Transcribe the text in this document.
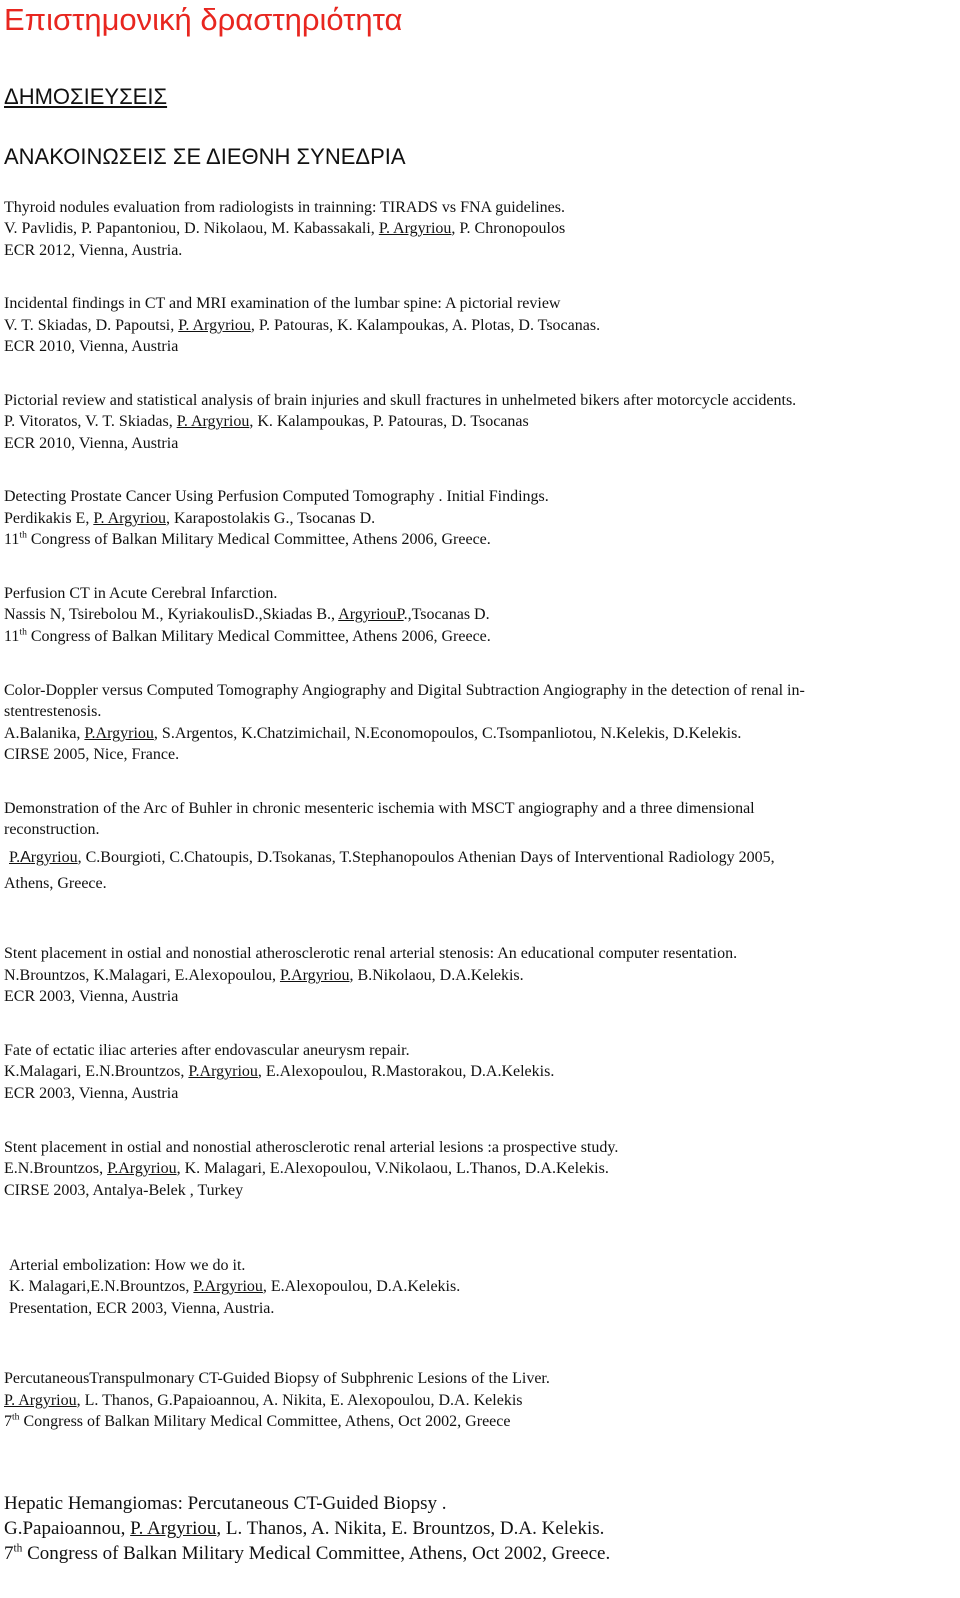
Επιστημονική δραστηριότητα
ΔΗΜΟΣΙΕΥΣΕΙΣ
ΑΝΑΚΟΙΝΩΣΕΙΣ ΣΕ ΔΙΕΘΝΗ ΣΥΝΕΔΡΙΑ
Thyroid nodules evaluation from radiologists in trainning: TIRADS vs FNA guidelines.
V. Pavlidis, P. Papantoniou, D. Nikolaou, M. Kabassakali, P. Argyriou, P. Chronopoulos
ECR 2012, Vienna, Austria.
Incidental findings in CT and MRI examination of the lumbar spine: A pictorial review
V. T. Skiadas, D. Papoutsi, P. Argyriou, P. Patouras, K. Kalampoukas, A. Plotas, D. Tsocanas.
ECR 2010, Vienna, Austria
Pictorial review and statistical analysis of brain injuries and skull fractures in unhelmeted bikers after motorcycle accidents.
P. Vitoratos, V. T. Skiadas, P. Argyriou, K. Kalampoukas, P. Patouras, D. Tsocanas
ECR 2010, Vienna, Austria
Detecting Prostate Cancer Using Perfusion Computed Tomography . Initial Findings.
Perdikakis E, P. Argyriou, Karapostolakis G., Tsocanas D.
11th Congress of Balkan Military Medical Committee, Athens 2006, Greece.
Perfusion CT in Acute Cerebral Infarction.
Nassis N, Tsirebolou M., KyriakoulisD.,Skiadas B., ArgyriouP.,Tsocanas D.
11th Congress of Balkan Military Medical Committee, Athens 2006, Greece.
Color-Doppler versus Computed Tomography Angiography and Digital Subtraction Angiography in the detection of renal in-
stentrestenosis.
A.Balanika, P.Argyriou, S.Argentos, K.Chatzimichail, N.Economopoulos, C.Tsompanliotou, N.Kelekis, D.Kelekis.
CIRSE 2005, Nice, France.
Demonstration of the Arc of Buhler in chronic mesenteric ischemia with MSCT angiography and a three dimensional
reconstruction.
P.Argyriou, C.Bourgioti, C.Chatoupis, D.Tsokanas, T.Stephanopoulos Athenian Days of Interventional Radiology 2005,
Athens, Greece.
Stent placement in ostial and nonostial atherosclerotic renal arterial stenosis: An educational computer resentation.
N.Brountzos, K.Malagari, E.Alexopoulou, P.Argyriou, B.Nikolaou, D.A.Kelekis.
ECR 2003, Vienna, Austria
Fate of ectatic iliac arteries after endovascular aneurysm repair.
K.Malagari, E.N.Brountzos, P.Argyriou, E.Alexopoulou, R.Mastorakou, D.A.Kelekis.
ECR 2003, Vienna, Austria
Stent placement in ostial and nonostial atherosclerotic renal arterial lesions :a prospective study.
E.N.Brountzos, P.Argyriou, K. Malagari, E.Alexopoulou, V.Nikolaou, L.Thanos, D.A.Kelekis.
CIRSE 2003, Antalya-Belek , Turkey
Arterial embolization: How we do it.
K. Malagari,E.N.Brountzos, P.Argyriou, E.Alexopoulou, D.A.Kelekis.
Presentation, ECR 2003, Vienna, Austria.
PercutaneousTranspulmonary CT-Guided Biopsy of Subphrenic Lesions of the Liver.
P. Argyriou, L. Thanos, G.Papaioannou, A. Nikita, E. Alexopoulou, D.A. Kelekis
7th Congress of Balkan Military Medical Committee, Athens, Oct 2002, Greece
Hepatic Hemangiomas: Percutaneous CT-Guided Biopsy .
G.Papaioannou, P. Argyriou, L. Thanos, A. Nikita, E. Brountzos, D.A. Kelekis.
7th Congress of Balkan Military Medical Committee, Athens, Oct 2002, Greece.
